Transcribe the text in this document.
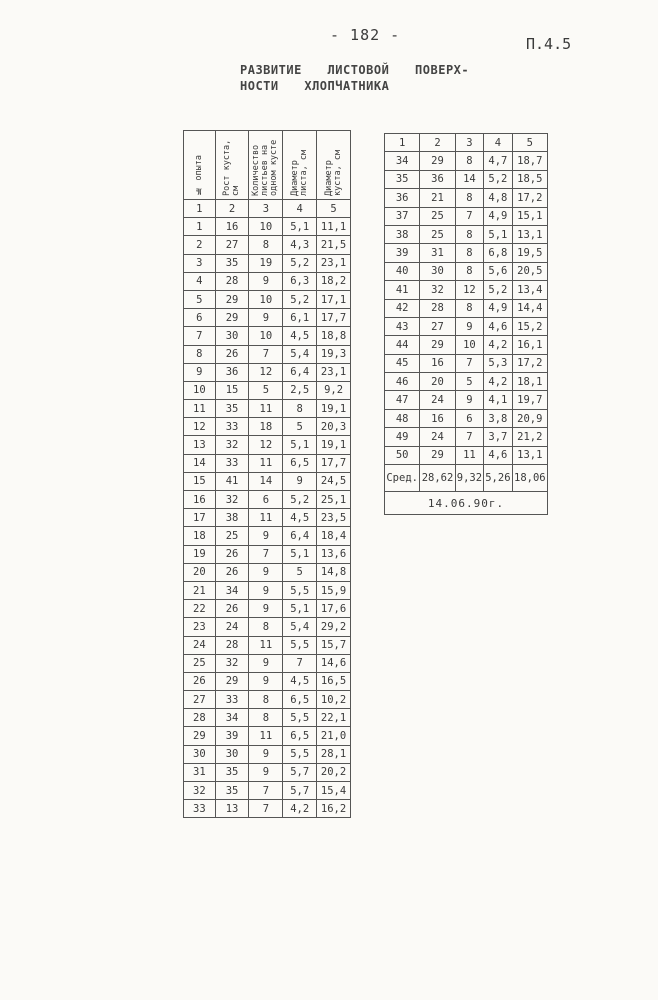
- 182 -	П.4.5
РАЗВИТИЕ ЛИСТОВОЙ ПОВЕРХ-
НОСТИ ХЛОПЧАТНИКА
№ опыта	Рост куста, см	Количество листьев на одном кусте	Диаметр листа, см	Диаметр куста, см
1	2	3	4	5
1	16	10	5,1	11,1
2	27	8	4,3	21,5
3	35	19	5,2	23,1
4	28	9	6,3	18,2
5	29	10	5,2	17,1
6	29	9	6,1	17,7
7	30	10	4,5	18,8
8	26	7	5,4	19,3
9	36	12	6,4	23,1
10	15	5	2,5	9,2
11	35	11	8	19,1
12	33	18	5	20,3
13	32	12	5,1	19,1
14	33	11	6,5	17,7
15	41	14	9	24,5
16	32	6	5,2	25,1
17	38	11	4,5	23,5
18	25	9	6,4	18,4
19	26	7	5,1	13,6
20	26	9	5	14,8
21	34	9	5,5	15,9
22	26	9	5,1	17,6
23	24	8	5,4	29,2
24	28	11	5,5	15,7
25	32	9	7	14,6
26	29	9	4,5	16,5
27	33	8	6,5	10,2
28	34	8	5,5	22,1
29	39	11	6,5	21,0
30	30	9	5,5	28,1
31	35	9	5,7	20,2
32	35	7	5,7	15,4
33	13	7	4,2	16,2
1	2	3	4	5
34	29	8	4,7	18,7
35	36	14	5,2	18,5
36	21	8	4,8	17,2
37	25	7	4,9	15,1
38	25	8	5,1	13,1
39	31	8	6,8	19,5
40	30	8	5,6	20,5
41	32	12	5,2	13,4
42	28	8	4,9	14,4
43	27	9	4,6	15,2
44	29	10	4,2	16,1
45	16	7	5,3	17,2
46	20	5	4,2	18,1
47	24	9	4,1	19,7
48	16	6	3,8	20,9
49	24	7	3,7	21,2
50	29	11	4,6	13,1
Сред.	28,62	9,32	5,26	18,06
14.06.90г.				
